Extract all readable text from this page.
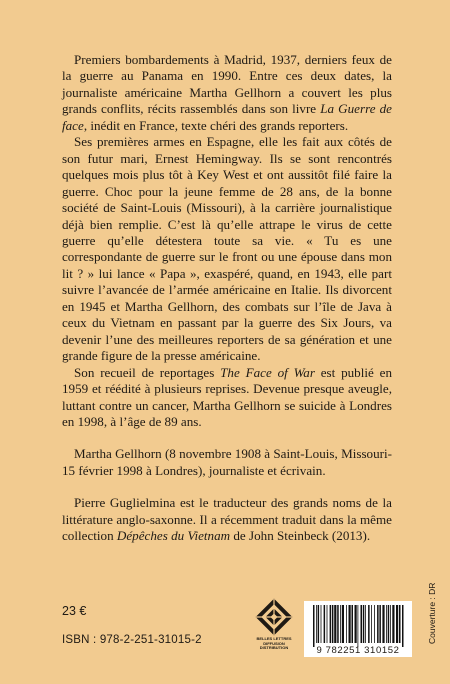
Premiers bombardements à Madrid, 1937, derniers feux de la guerre au Panama en 1990. Entre ces deux dates, la journaliste américaine Martha Gellhorn a couvert les plus grands conflits, récits rassemblés dans son livre La Guerre de face, inédit en France, texte chéri des grands reporters.

Ses premières armes en Espagne, elle les fait aux côtés de son futur mari, Ernest Hemingway. Ils se sont rencontrés quelques mois plus tôt à Key West et ont aussitôt filé faire la guerre. Choc pour la jeune femme de 28 ans, de la bonne société de Saint-Louis (Missouri), à la carrière journalistique déjà bien remplie. C’est là qu’elle attrape le virus de cette guerre qu’elle détestera toute sa vie. « Tu es une correspondante de guerre sur le front ou une épouse dans mon lit ? » lui lance « Papa », exaspéré, quand, en 1943, elle part suivre l’avancée de l’armée américaine en Italie. Ils divorcent en 1945 et Martha Gellhorn, des combats sur l’île de Java à ceux du Vietnam en passant par la guerre des Six Jours, va devenir l’une des meilleures reporters de sa génération et une grande figure de la presse américaine.

Son recueil de reportages The Face of War est publié en 1959 et réédité à plusieurs reprises. Devenue presque aveugle, luttant contre un cancer, Martha Gellhorn se suicide à Londres en 1998, à l’âge de 89 ans.

Martha Gellhorn (8 novembre 1908 à Saint-Louis, Missouri-15 février 1998 à Londres), journaliste et écrivain.

Pierre Guglielmina est le traducteur des grands noms de la littérature anglo-saxonne. Il a récemment traduit dans la même collection Dépêches du Vietnam de John Steinbeck (2013).

23 €
ISBN : 978-2-251-31015-2	BELLES LETTRES DIFFUSION DISTRIBUTION	9 782251 310152
Couverture : DR
